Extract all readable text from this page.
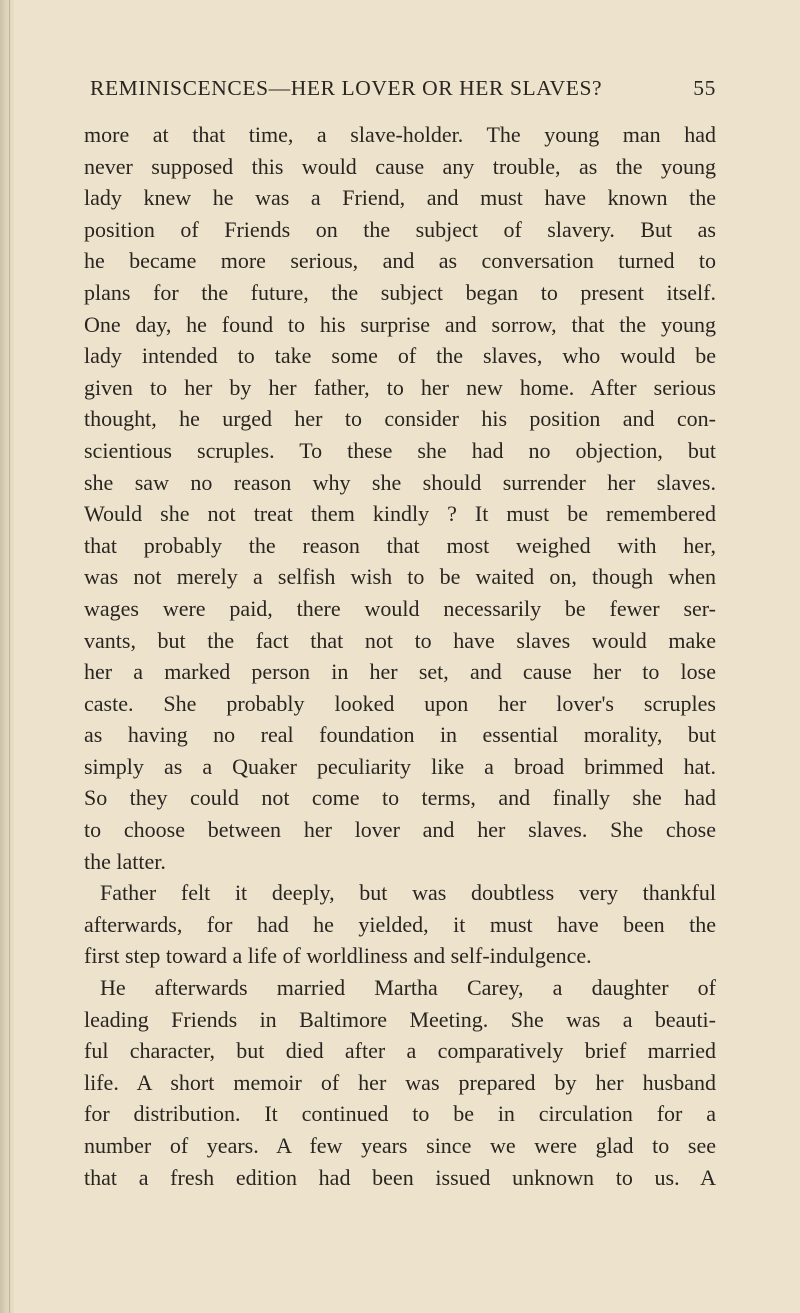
REMINISCENCES—HER LOVER OR HER SLAVES?	55
more at that time, a slave-holder. The young man had
never supposed this would cause any trouble, as the young
lady knew he was a Friend, and must have known the
position of Friends on the subject of slavery. But as
he became more serious, and as conversation turned to
plans for the future, the subject began to present itself.
One day, he found to his surprise and sorrow, that the young
lady intended to take some of the slaves, who would be
given to her by her father, to her new home. After serious
thought, he urged her to consider his position and con-
scientious scruples. To these she had no objection, but
she saw no reason why she should surrender her slaves.
Would she not treat them kindly ? It must be remembered
that probably the reason that most weighed with her,
was not merely a selfish wish to be waited on, though when
wages were paid, there would necessarily be fewer ser-
vants, but the fact that not to have slaves would make
her a marked person in her set, and cause her to lose
caste. She probably looked upon her lover's scruples
as having no real foundation in essential morality, but
simply as a Quaker peculiarity like a broad brimmed hat.
So they could not come to terms, and finally she had
to choose between her lover and her slaves. She chose
the latter.
Father felt it deeply, but was doubtless very thankful
afterwards, for had he yielded, it must have been the
first step toward a life of worldliness and self-indulgence.
He afterwards married Martha Carey, a daughter of
leading Friends in Baltimore Meeting. She was a beauti-
ful character, but died after a comparatively brief married
life. A short memoir of her was prepared by her husband
for distribution. It continued to be in circulation for a
number of years. A few years since we were glad to see
that a fresh edition had been issued unknown to us. A
